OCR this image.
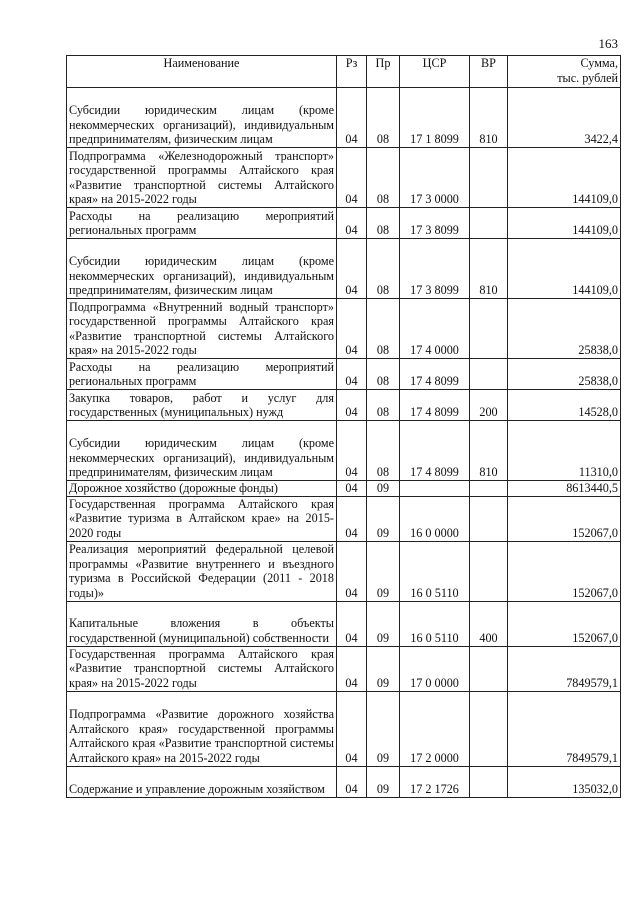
163
Наименование	Рз	Пр	ЦСР	ВР	Сумма,
тыс. рублей

Субсидии юридическим лицам (кроме некоммерческих организаций), индивидуальным предпринимателям, физическим лицам	04	08	17 1 8099	810	3422,4
Подпрограмма «Железнодорожный транспорт» государственной программы Алтайского края «Развитие транспортной системы Алтайского края» на 2015-2022 годы	04	08	17 3 0000		144109,0
Расходы на реализацию мероприятий региональных программ	04	08	17 3 8099		144109,0
Субсидии юридическим лицам (кроме некоммерческих организаций), индивидуальным предпринимателям, физическим лицам	04	08	17 3 8099	810	144109,0
Подпрограмма «Внутренний водный транспорт» государственной программы Алтайского края «Развитие транспортной системы Алтайского края» на 2015-2022 годы	04	08	17 4 0000		25838,0
Расходы на реализацию мероприятий региональных программ	04	08	17 4 8099		25838,0
Закупка товаров, работ и услуг для государственных (муниципальных) нужд	04	08	17 4 8099	200	14528,0
Субсидии юридическим лицам (кроме некоммерческих организаций), индивидуальным предпринимателям, физическим лицам	04	08	17 4 8099	810	11310,0
Дорожное хозяйство (дорожные фонды)	04	09			8613440,5
Государственная программа Алтайского края «Развитие туризма в Алтайском крае» на 2015-2020 годы	04	09	16 0 0000		152067,0
Реализация мероприятий федеральной целевой программы «Развитие внутреннего и въездного туризма в Российской Федерации (2011 - 2018 годы)»	04	09	16 0 5110		152067,0
Капитальные вложения в объекты государственной (муниципальной) собственности	04	09	16 0 5110	400	152067,0
Государственная программа Алтайского края «Развитие транспортной системы Алтайского края» на 2015-2022 годы	04	09	17 0 0000		7849579,1
Подпрограмма «Развитие дорожного хозяйства Алтайского края» государственной программы Алтайского края «Развитие транспортной системы Алтайского края» на 2015-2022 годы	04	09	17 2 0000		7849579,1
Содержание и управление дорожным хозяйством	04	09	17 2 1726		135032,0
